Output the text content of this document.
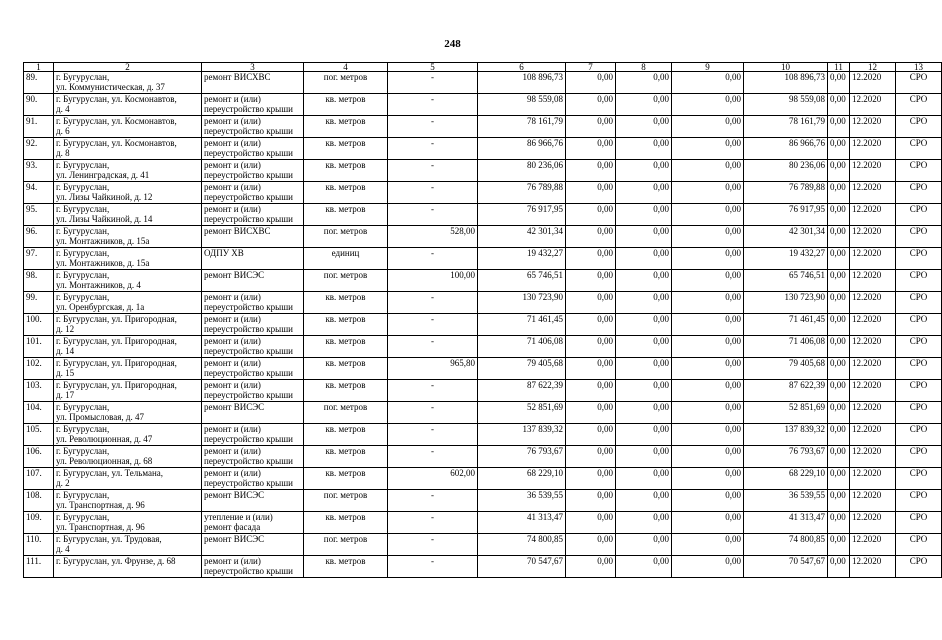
248
1	2	3	4	5	6	7	8	9	10	11	12	13
89.	г. Бугуруслан,
ул. Коммунистическая, д. 37	ремонт ВИСХВС	пог. метров	-	108 896,73	0,00	0,00	0,00	108 896,73	0,00	12.2020	СРО
90.	г. Бугуруслан, ул. Космонавтов,
д. 4	ремонт и (или)
переустройство крыши	кв. метров	-	98 559,08	0,00	0,00	0,00	98 559,08	0,00	12.2020	СРО
91.	г. Бугуруслан, ул. Космонавтов,
д. 6	ремонт и (или)
переустройство крыши	кв. метров	-	78 161,79	0,00	0,00	0,00	78 161,79	0,00	12.2020	СРО
92.	г. Бугуруслан, ул. Космонавтов,
д. 8	ремонт и (или)
переустройство крыши	кв. метров	-	86 966,76	0,00	0,00	0,00	86 966,76	0,00	12.2020	СРО
93.	г. Бугуруслан,
ул. Ленинградская, д. 41	ремонт и (или)
переустройство крыши	кв. метров	-	80 236,06	0,00	0,00	0,00	80 236,06	0,00	12.2020	СРО
94.	г. Бугуруслан,
ул. Лизы Чайкиной, д. 12	ремонт и (или)
переустройство крыши	кв. метров	-	76 789,88	0,00	0,00	0,00	76 789,88	0,00	12.2020	СРО
95.	г. Бугуруслан,
ул. Лизы Чайкиной, д. 14	ремонт и (или)
переустройство крыши	кв. метров	-	76 917,95	0,00	0,00	0,00	76 917,95	0,00	12.2020	СРО
96.	г. Бугуруслан,
ул. Монтажников, д. 15а	ремонт ВИСХВС	пог. метров	528,00	42 301,34	0,00	0,00	0,00	42 301,34	0,00	12.2020	СРО
97.	г. Бугуруслан,
ул. Монтажников, д. 15а	ОДПУ ХВ	единиц	-	19 432,27	0,00	0,00	0,00	19 432,27	0,00	12.2020	СРО
98.	г. Бугуруслан,
ул. Монтажников, д. 4	ремонт ВИСЭС	пог. метров	100,00	65 746,51	0,00	0,00	0,00	65 746,51	0,00	12.2020	СРО
99.	г. Бугуруслан,
ул. Оренбургская, д. 1а	ремонт и (или)
переустройство крыши	кв. метров	-	130 723,90	0,00	0,00	0,00	130 723,90	0,00	12.2020	СРО
100.	г. Бугуруслан, ул. Пригородная,
д. 12	ремонт и (или)
переустройство крыши	кв. метров	-	71 461,45	0,00	0,00	0,00	71 461,45	0,00	12.2020	СРО
101.	г. Бугуруслан, ул. Пригородная,
д. 14	ремонт и (или)
переустройство крыши	кв. метров	-	71 406,08	0,00	0,00	0,00	71 406,08	0,00	12.2020	СРО
102.	г. Бугуруслан, ул. Пригородная,
д. 15	ремонт и (или)
переустройство крыши	кв. метров	965,80	79 405,68	0,00	0,00	0,00	79 405,68	0,00	12.2020	СРО
103.	г. Бугуруслан, ул. Пригородная,
д. 17	ремонт и (или)
переустройство крыши	кв. метров	-	87 622,39	0,00	0,00	0,00	87 622,39	0,00	12.2020	СРО
104.	г. Бугуруслан,
ул. Промысловая, д. 47	ремонт ВИСЭС	пог. метров	-	52 851,69	0,00	0,00	0,00	52 851,69	0,00	12.2020	СРО
105.	г. Бугуруслан,
ул. Революционная, д. 47	ремонт и (или)
переустройство крыши	кв. метров	-	137 839,32	0,00	0,00	0,00	137 839,32	0,00	12.2020	СРО
106.	г. Бугуруслан,
ул. Революционная, д. 68	ремонт и (или)
переустройство крыши	кв. метров	-	76 793,67	0,00	0,00	0,00	76 793,67	0,00	12.2020	СРО
107.	г. Бугуруслан, ул. Тельмана,
д. 2	ремонт и (или)
переустройство крыши	кв. метров	602,00	68 229,10	0,00	0,00	0,00	68 229,10	0,00	12.2020	СРО
108.	г. Бугуруслан,
ул. Транспортная, д. 96	ремонт ВИСЭС	пог. метров	-	36 539,55	0,00	0,00	0,00	36 539,55	0,00	12.2020	СРО
109.	г. Бугуруслан,
ул. Транспортная, д. 96	утепление и (или)
ремонт фасада	кв. метров	-	41 313,47	0,00	0,00	0,00	41 313,47	0,00	12.2020	СРО
110.	г. Бугуруслан, ул. Трудовая,
д. 4	ремонт ВИСЭС	пог. метров	-	74 800,85	0,00	0,00	0,00	74 800,85	0,00	12.2020	СРО
111.	г. Бугуруслан, ул. Фрунзе, д. 68	ремонт и (или)
переустройство крыши	кв. метров	-	70 547,67	0,00	0,00	0,00	70 547,67	0,00	12.2020	СРО
